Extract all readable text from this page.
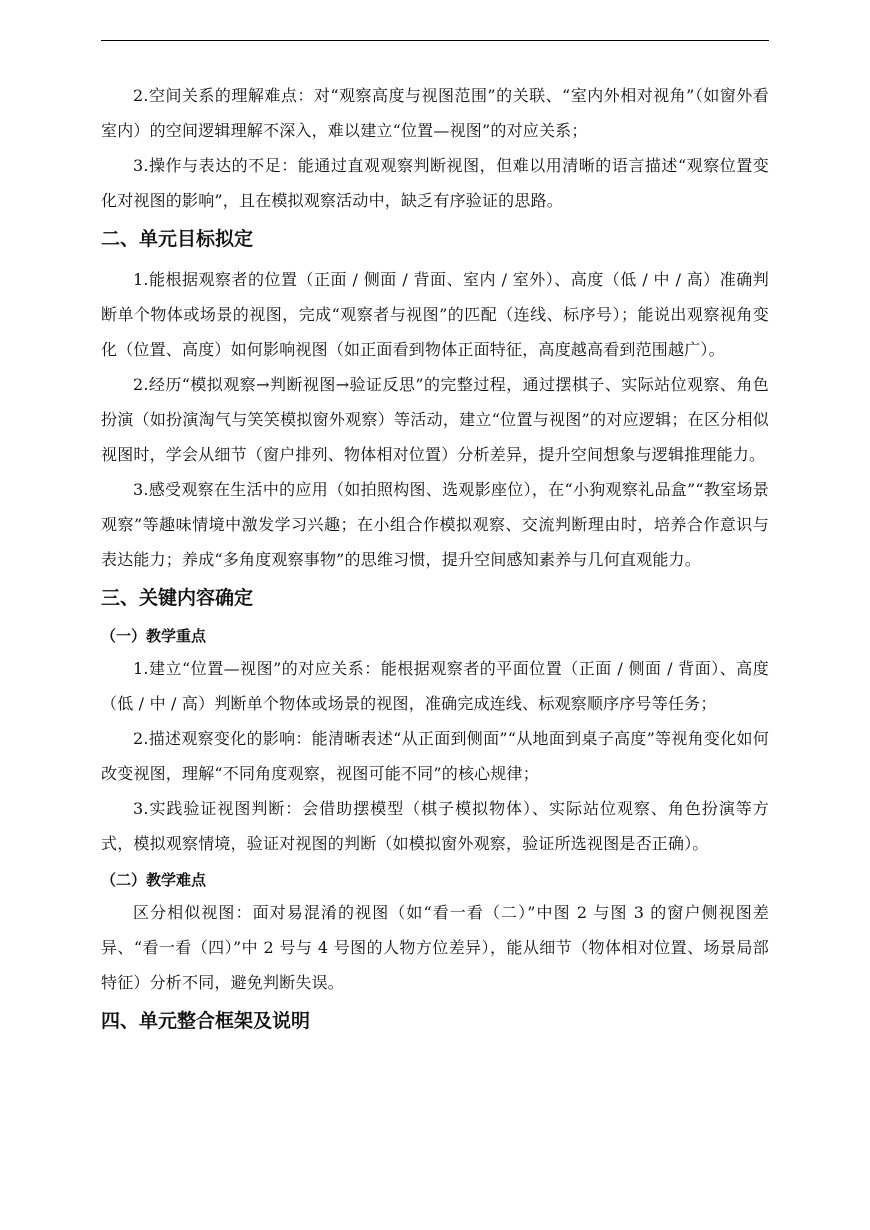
2.空间关系的理解难点：对“观察高度与视图范围”的关联、“室内外相对视角”（如窗外看室内）的空间逻辑理解不深入，难以建立“位置—视图”的对应关系；

3.操作与表达的不足：能通过直观观察判断视图，但难以用清晰的语言描述“观察位置变化对视图的影响”，且在模拟观察活动中，缺乏有序验证的思路。

二、单元目标拟定

1.能根据观察者的位置（正面 / 侧面 / 背面、室内 / 室外）、高度（低 / 中 / 高）准确判断单个物体或场景的视图，完成“观察者与视图”的匹配（连线、标序号）；能说出观察视角变化（位置、高度）如何影响视图（如正面看到物体正面特征，高度越高看到范围越广）。

2.经历“模拟观察→判断视图→验证反思”的完整过程，通过摆棋子、实际站位观察、角色扮演（如扮演淘气与笑笑模拟窗外观察）等活动，建立“位置与视图”的对应逻辑；在区分相似视图时，学会从细节（窗户排列、物体相对位置）分析差异，提升空间想象与逻辑推理能力。

3.感受观察在生活中的应用（如拍照构图、选观影座位），在“小狗观察礼品盒”“教室场景观察”等趣味情境中激发学习兴趣；在小组合作模拟观察、交流判断理由时，培养合作意识与表达能力；养成“多角度观察事物”的思维习惯，提升空间感知素养与几何直观能力。

三、关键内容确定
（一）教学重点

1.建立“位置—视图”的对应关系：能根据观察者的平面位置（正面 / 侧面 / 背面）、高度（低 / 中 / 高）判断单个物体或场景的视图，准确完成连线、标观察顺序序号等任务；

2.描述观察变化的影响：能清晰表述“从正面到侧面”“从地面到桌子高度”等视角变化如何改变视图，理解“不同角度观察，视图可能不同”的核心规律；

3.实践验证视图判断：会借助摆模型（棋子模拟物体）、实际站位观察、角色扮演等方式，模拟观察情境，验证对视图的判断（如模拟窗外观察，验证所选视图是否正确）。

（二）教学难点

区分相似视图：面对易混淆的视图（如“看一看（二）”中图 2 与图 3 的窗户侧视图差异、“看一看（四）”中 2 号与 4 号图的人物方位差异），能从细节（物体相对位置、场景局部特征）分析不同，避免判断失误。

四、单元整合框架及说明
